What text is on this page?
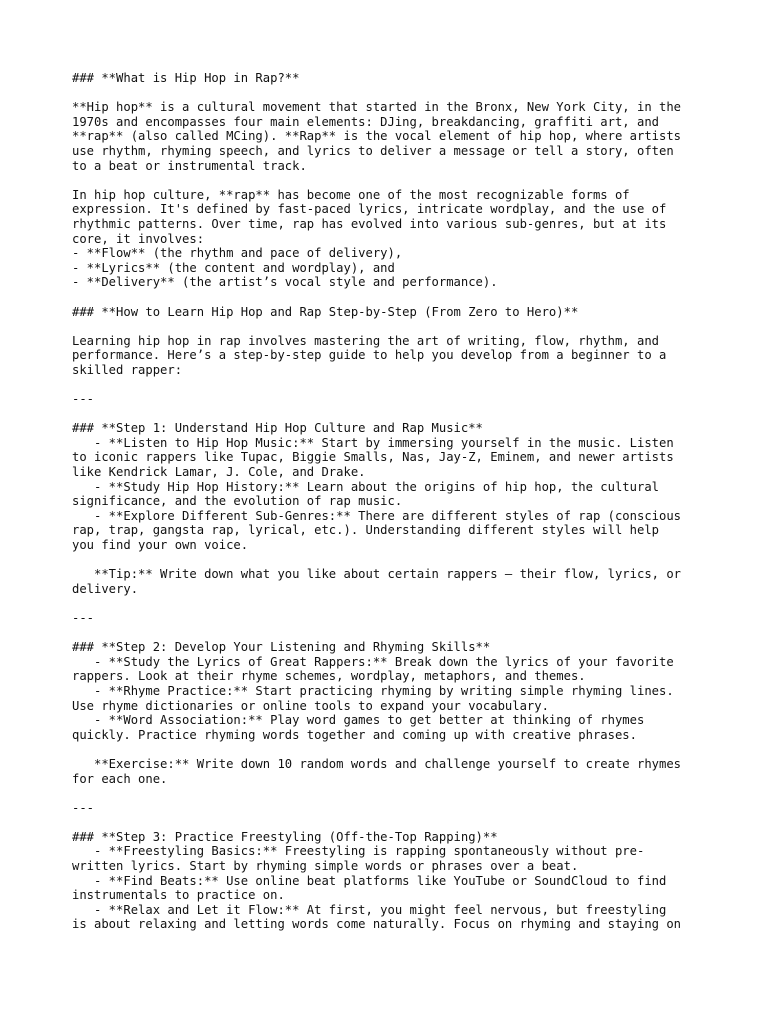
### **What is Hip Hop in Rap?**
**Hip hop** is a cultural movement that started in the Bronx, New York City, in the
1970s and encompasses four main elements: DJing, breakdancing, graffiti art, and
**rap** (also called MCing). **Rap** is the vocal element of hip hop, where artists
use rhythm, rhyming speech, and lyrics to deliver a message or tell a story, often
to a beat or instrumental track.
In hip hop culture, **rap** has become one of the most recognizable forms of
expression. It's defined by fast-paced lyrics, intricate wordplay, and the use of
rhythmic patterns. Over time, rap has evolved into various sub-genres, but at its
core, it involves:
- **Flow** (the rhythm and pace of delivery),
- **Lyrics** (the content and wordplay), and
- **Delivery** (the artist’s vocal style and performance).
### **How to Learn Hip Hop and Rap Step-by-Step (From Zero to Hero)**
Learning hip hop in rap involves mastering the art of writing, flow, rhythm, and
performance. Here’s a step-by-step guide to help you develop from a beginner to a
skilled rapper:
---
### **Step 1: Understand Hip Hop Culture and Rap Music**
- **Listen to Hip Hop Music:** Start by immersing yourself in the music. Listen
to iconic rappers like Tupac, Biggie Smalls, Nas, Jay-Z, Eminem, and newer artists
like Kendrick Lamar, J. Cole, and Drake.
- **Study Hip Hop History:** Learn about the origins of hip hop, the cultural
significance, and the evolution of rap music.
- **Explore Different Sub-Genres:** There are different styles of rap (conscious
rap, trap, gangsta rap, lyrical, etc.). Understanding different styles will help
you find your own voice.
**Tip:** Write down what you like about certain rappers – their flow, lyrics, or
delivery.
---
### **Step 2: Develop Your Listening and Rhyming Skills**
- **Study the Lyrics of Great Rappers:** Break down the lyrics of your favorite
rappers. Look at their rhyme schemes, wordplay, metaphors, and themes.
- **Rhyme Practice:** Start practicing rhyming by writing simple rhyming lines.
Use rhyme dictionaries or online tools to expand your vocabulary.
- **Word Association:** Play word games to get better at thinking of rhymes
quickly. Practice rhyming words together and coming up with creative phrases.
**Exercise:** Write down 10 random words and challenge yourself to create rhymes
for each one.
---
### **Step 3: Practice Freestyling (Off-the-Top Rapping)**
- **Freestyling Basics:** Freestyling is rapping spontaneously without pre-
written lyrics. Start by rhyming simple words or phrases over a beat.
- **Find Beats:** Use online beat platforms like YouTube or SoundCloud to find
instrumentals to practice on.
- **Relax and Let it Flow:** At first, you might feel nervous, but freestyling
is about relaxing and letting words come naturally. Focus on rhyming and staying on
